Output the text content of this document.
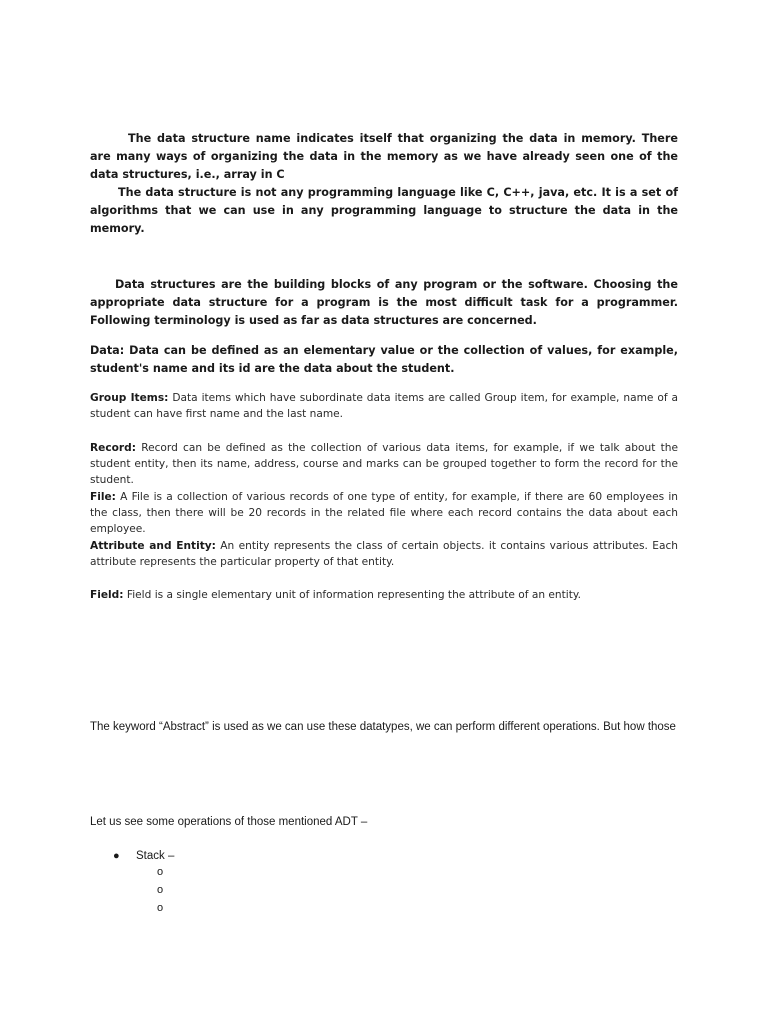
The data structure name indicates itself that organizing the data in memory. There are many ways of organizing the data in the memory as we have already seen one of the data structures, i.e., array in C

The data structure is not any programming language like C, C++, java, etc. It is a set of algorithms that we can use in any programming language to structure the data in the memory.

Data structures are the building blocks of any program or the software. Choosing the appropriate data structure for a program is the most difficult task for a programmer. Following terminology is used as far as data structures are concerned.

Data: Data can be defined as an elementary value or the collection of values, for example, student's name and its id are the data about the student.

Group Items: Data items which have subordinate data items are called Group item, for example, name of a student can have first name and the last name.

Record: Record can be defined as the collection of various data items, for example, if we talk about the student entity, then its name, address, course and marks can be grouped together to form the record for the student.

File: A File is a collection of various records of one type of entity, for example, if there are 60 employees in the class, then there will be 20 records in the related file where each record contains the data about each employee.

Attribute and Entity: An entity represents the class of certain objects. it contains various attributes. Each attribute represents the particular property of that entity.

Field: Field is a single elementary unit of information representing the attribute of an entity.

The keyword “Abstract” is used as we can use these datatypes, we can perform different operations. But how those

Let us see some operations of those mentioned ADT –

● Stack –
o
o
o
